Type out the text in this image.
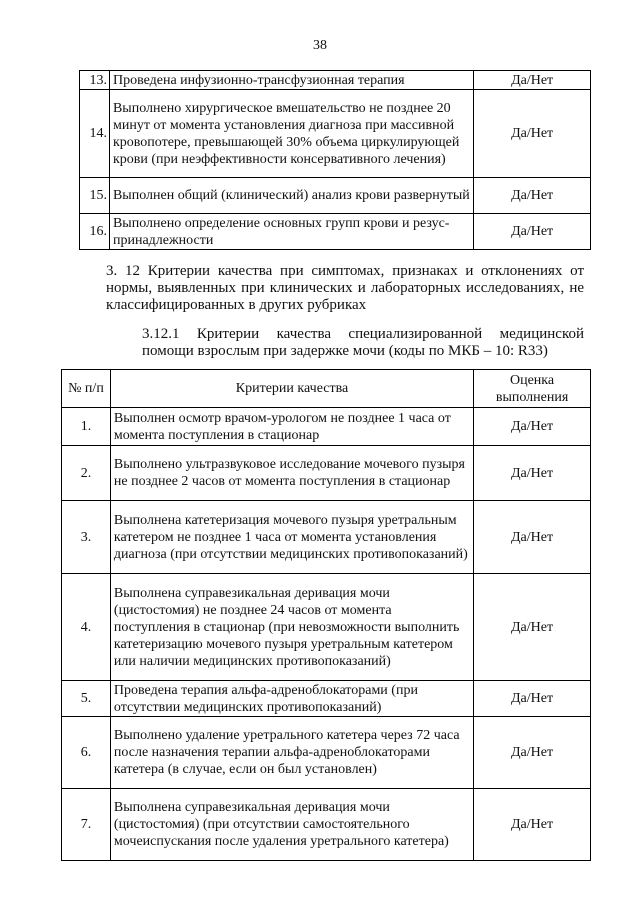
38
13.	Проведена инфузионно-трансфузионная терапия	Да/Нет
14.	Выполнено хирургическое вмешательство не позднее 20 минут от момента установления диагноза при массивной кровопотере, превышающей 30% объема циркулирующей крови (при неэффективности консервативного лечения)	Да/Нет
15.	Выполнен общий (клинический) анализ крови развернутый	Да/Нет
16.	Выполнено определение основных групп крови и резус-принадлежности	Да/Нет
3. 12 Критерии качества при симптомах, признаках и отклонениях от нормы, выявленных при клинических и лабораторных исследованиях, не классифицированных в других рубриках
3.12.1 Критерии качества специализированной медицинской помощи взрослым при задержке мочи (коды по МКБ – 10: R33)
№ п/п	Критерии качества	Оценка выполнения
1.	Выполнен осмотр врачом-урологом не позднее 1 часа от момента поступления в стационар	Да/Нет
2.	Выполнено ультразвуковое исследование мочевого пузыря не позднее 2 часов от момента поступления в стационар	Да/Нет
3.	Выполнена катетеризация мочевого пузыря уретральным катетером не позднее 1 часа от момента установления диагноза (при отсутствии медицинских противопоказаний)	Да/Нет
4.	Выполнена суправезикальная деривация мочи (цистостомия) не позднее 24 часов от момента поступления в стационар (при невозможности выполнить катетеризацию мочевого пузыря уретральным катетером или наличии медицинских противопоказаний)	Да/Нет
5.	Проведена терапия альфа-адреноблокаторами (при отсутствии медицинских противопоказаний)	Да/Нет
6.	Выполнено удаление уретрального катетера через 72 часа после назначения терапии альфа-адреноблокаторами катетера (в случае, если он был установлен)	Да/Нет
7.	Выполнена суправезикальная деривация мочи (цистостомия) (при отсутствии самостоятельного мочеиспускания после удаления уретрального катетера)	Да/Нет
